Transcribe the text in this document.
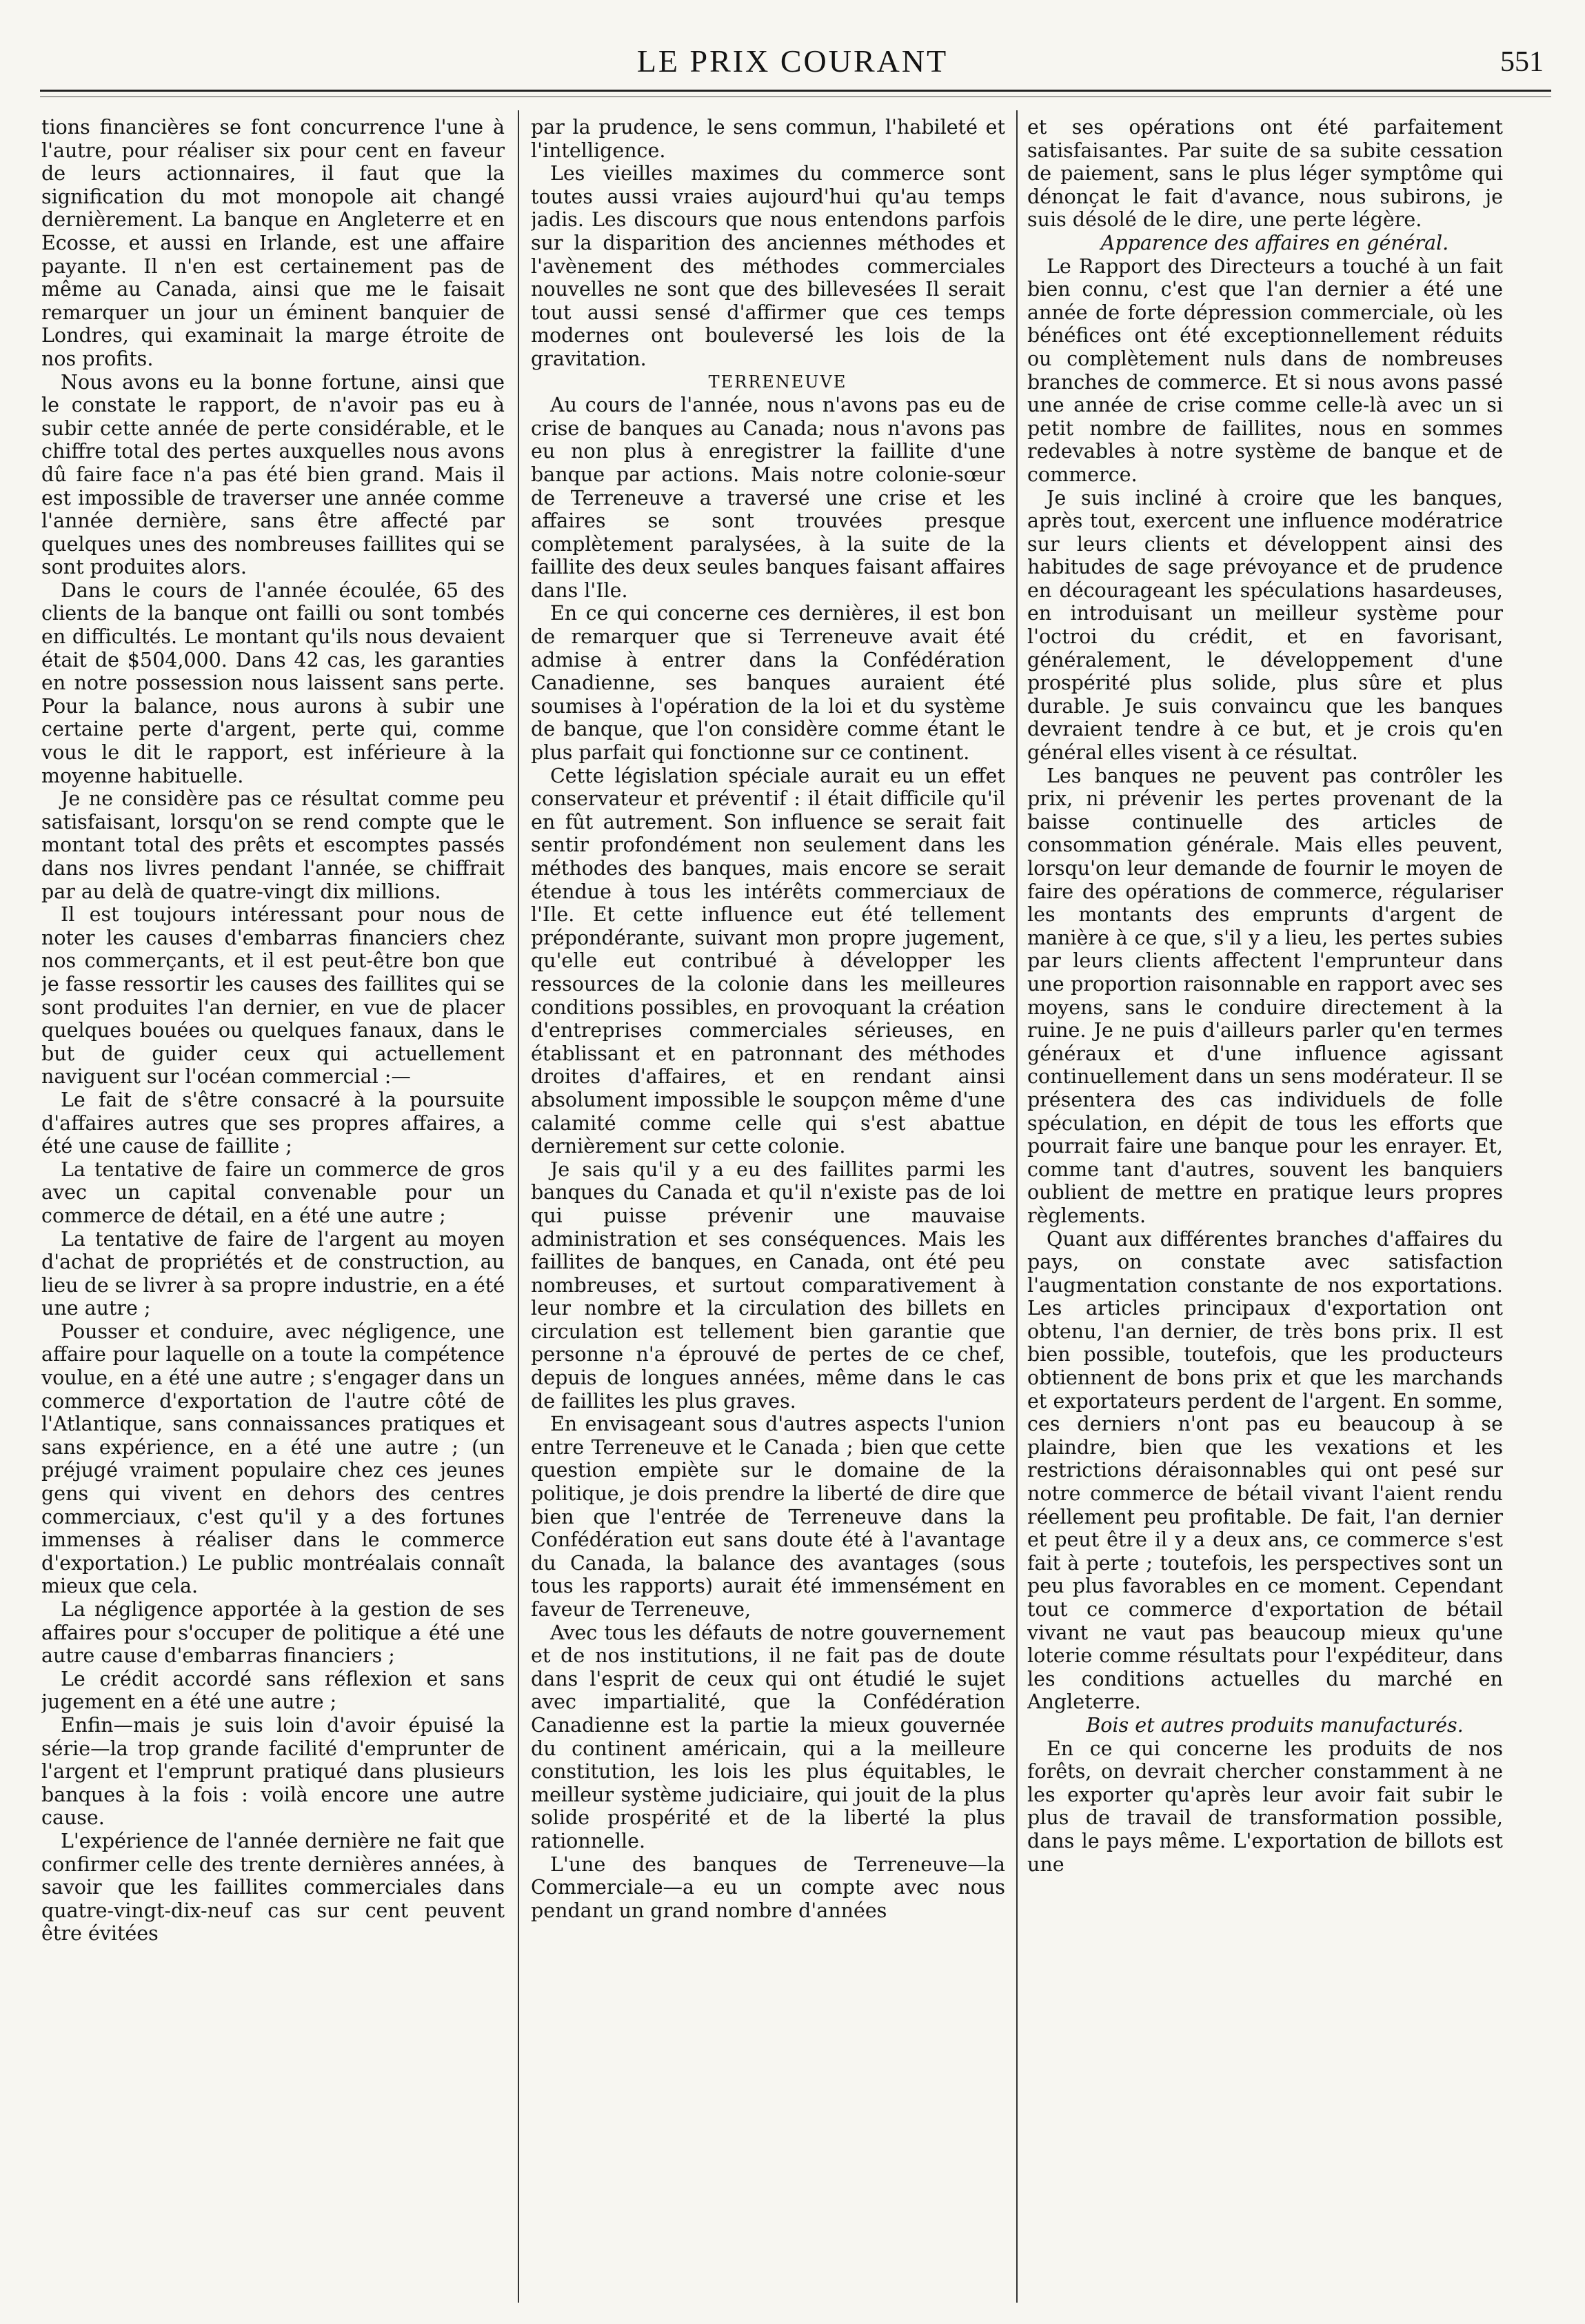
LE PRIX COURANT	551

tions financières se font concurrence l'une à l'autre, pour réaliser six pour cent en faveur de leurs actionnaires, il faut que la signification du mot monopole ait changé dernièrement. La banque en Angleterre et en Ecosse, et aussi en Irlande, est une affaire payante. Il n'en est certainement pas de même au Canada, ainsi que me le faisait remarquer un jour un éminent banquier de Londres, qui examinait la marge étroite de nos profits.

Nous avons eu la bonne fortune, ainsi que le constate le rapport, de n'avoir pas eu à subir cette année de perte considérable, et le chiffre total des pertes auxquelles nous avons dû faire face n'a pas été bien grand. Mais il est impossible de traverser une année comme l'année dernière, sans être affecté par quelques unes des nombreuses faillites qui se sont produites alors.

Dans le cours de l'année écoulée, 65 des clients de la banque ont failli ou sont tombés en difficultés. Le montant qu'ils nous devaient était de $504,000. Dans 42 cas, les garanties en notre possession nous laissent sans perte. Pour la balance, nous aurons à subir une certaine perte d'argent, perte qui, comme vous le dit le rapport, est inférieure à la moyenne habituelle.

Je ne considère pas ce résultat comme peu satisfaisant, lorsqu'on se rend compte que le montant total des prêts et escomptes passés dans nos livres pendant l'année, se chiffrait par au delà de quatre-vingt dix millions.

Il est toujours intéressant pour nous de noter les causes d'embarras financiers chez nos commerçants, et il est peut-être bon que je fasse ressortir les causes des faillites qui se sont produites l'an dernier, en vue de placer quelques bouées ou quelques fanaux, dans le but de guider ceux qui actuellement naviguent sur l'océan commercial :—

Le fait de s'être consacré à la poursuite d'affaires autres que ses propres affaires, a été une cause de faillite ;

La tentative de faire un commerce de gros avec un capital convenable pour un commerce de détail, en a été une autre ;

La tentative de faire de l'argent au moyen d'achat de propriétés et de construction, au lieu de se livrer à sa propre industrie, en a été une autre ;

Pousser et conduire, avec négligence, une affaire pour laquelle on a toute la compétence voulue, en a été une autre ; s'engager dans un commerce d'exportation de l'autre côté de l'Atlantique, sans connaissances pratiques et sans expérience, en a été une autre ; (un préjugé vraiment populaire chez ces jeunes gens qui vivent en dehors des centres commerciaux, c'est qu'il y a des fortunes immenses à réaliser dans le commerce d'exportation.) Le public montréalais connaît mieux que cela.

La négligence apportée à la gestion de ses affaires pour s'occuper de politique a été une autre cause d'embarras financiers ;

Le crédit accordé sans réflexion et sans jugement en a été une autre ;

Enfin—mais je suis loin d'avoir épuisé la série—la trop grande facilité d'emprunter de l'argent et l'emprunt pratiqué dans plusieurs banques à la fois : voilà encore une autre cause.

L'expérience de l'année dernière ne fait que confirmer celle des trente dernières années, à savoir que les faillites commerciales dans quatre-vingt-dix-neuf cas sur cent peuvent être évitées

par la prudence, le sens commun, l'habileté et l'intelligence.

Les vieilles maximes du commerce sont toutes aussi vraies aujourd'hui qu'au temps jadis. Les discours que nous entendons parfois sur la disparition des anciennes méthodes et l'avènement des méthodes commerciales nouvelles ne sont que des billevesées Il serait tout aussi sensé d'affirmer que ces temps modernes ont bouleversé les lois de la gravitation.

TERRENEUVE

Au cours de l'année, nous n'avons pas eu de crise de banques au Canada; nous n'avons pas eu non plus à enregistrer la faillite d'une banque par actions. Mais notre colonie-sœur de Terreneuve a traversé une crise et les affaires se sont trouvées presque complètement paralysées, à la suite de la faillite des deux seules banques faisant affaires dans l'Ile.

En ce qui concerne ces dernières, il est bon de remarquer que si Terreneuve avait été admise à entrer dans la Confédération Canadienne, ses banques auraient été soumises à l'opération de la loi et du système de banque, que l'on considère comme étant le plus parfait qui fonctionne sur ce continent.

Cette législation spéciale aurait eu un effet conservateur et préventif : il était difficile qu'il en fût autrement. Son influence se serait fait sentir profondément non seulement dans les méthodes des banques, mais encore se serait étendue à tous les intérêts commerciaux de l'Ile. Et cette influence eut été tellement prépondérante, suivant mon propre jugement, qu'elle eut contribué à développer les ressources de la colonie dans les meilleures conditions possibles, en provoquant la création d'entreprises commerciales sérieuses, en établissant et en patronnant des méthodes droites d'affaires, et en rendant ainsi absolument impossible le soupçon même d'une calamité comme celle qui s'est abattue dernièrement sur cette colonie.

Je sais qu'il y a eu des faillites parmi les banques du Canada et qu'il n'existe pas de loi qui puisse prévenir une mauvaise administration et ses conséquences. Mais les faillites de banques, en Canada, ont été peu nombreuses, et surtout comparativement à leur nombre et la circulation des billets en circulation est tellement bien garantie que personne n'a éprouvé de pertes de ce chef, depuis de longues années, même dans le cas de faillites les plus graves.

En envisageant sous d'autres aspects l'union entre Terreneuve et le Canada ; bien que cette question empiète sur le domaine de la politique, je dois prendre la liberté de dire que bien que l'entrée de Terreneuve dans la Confédération eut sans doute été à l'avantage du Canada, la balance des avantages (sous tous les rapports) aurait été immensément en faveur de Terreneuve,

Avec tous les défauts de notre gouvernement et de nos institutions, il ne fait pas de doute dans l'esprit de ceux qui ont étudié le sujet avec impartialité, que la Confédération Canadienne est la partie la mieux gouvernée du continent américain, qui a la meilleure constitution, les lois les plus équitables, le meilleur système judiciaire, qui jouit de la plus solide prospérité et de la liberté la plus rationnelle.

L'une des banques de Terreneuve—la Commerciale—a eu un compte avec nous pendant un grand nombre d'années

et ses opérations ont été parfaitement satisfaisantes. Par suite de sa subite cessation de paiement, sans le plus léger symptôme qui dénonçat le fait d'avance, nous subirons, je suis désolé de le dire, une perte légère.

Apparence des affaires en général.

Le Rapport des Directeurs a touché à un fait bien connu, c'est que l'an dernier a été une année de forte dépression commerciale, où les bénéfices ont été exceptionnellement réduits ou complètement nuls dans de nombreuses branches de commerce. Et si nous avons passé une année de crise comme celle-là avec un si petit nombre de faillites, nous en sommes redevables à notre système de banque et de commerce.

Je suis incliné à croire que les banques, après tout, exercent une influence modératrice sur leurs clients et développent ainsi des habitudes de sage prévoyance et de prudence en décourageant les spéculations hasardeuses, en introduisant un meilleur système pour l'octroi du crédit, et en favorisant, généralement, le développement d'une prospérité plus solide, plus sûre et plus durable. Je suis convaincu que les banques devraient tendre à ce but, et je crois qu'en général elles visent à ce résultat.

Les banques ne peuvent pas contrôler les prix, ni prévenir les pertes provenant de la baisse continuelle des articles de consommation générale. Mais elles peuvent, lorsqu'on leur demande de fournir le moyen de faire des opérations de commerce, régulariser les montants des emprunts d'argent de manière à ce que, s'il y a lieu, les pertes subies par leurs clients affectent l'emprunteur dans une proportion raisonnable en rapport avec ses moyens, sans le conduire directement à la ruine. Je ne puis d'ailleurs parler qu'en termes généraux et d'une influence agissant continuellement dans un sens modérateur. Il se présentera des cas individuels de folle spéculation, en dépit de tous les efforts que pourrait faire une banque pour les enrayer. Et, comme tant d'autres, souvent les banquiers oublient de mettre en pratique leurs propres règlements.

Quant aux différentes branches d'affaires du pays, on constate avec satisfaction l'augmentation constante de nos exportations. Les articles principaux d'exportation ont obtenu, l'an dernier, de très bons prix. Il est bien possible, toutefois, que les producteurs obtiennent de bons prix et que les marchands et exportateurs perdent de l'argent. En somme, ces derniers n'ont pas eu beaucoup à se plaindre, bien que les vexations et les restrictions déraisonnables qui ont pesé sur notre commerce de bétail vivant l'aient rendu réellement peu profitable. De fait, l'an dernier et peut être il y a deux ans, ce commerce s'est fait à perte ; toutefois, les perspectives sont un peu plus favorables en ce moment. Cependant tout ce commerce d'exportation de bétail vivant ne vaut pas beaucoup mieux qu'une loterie comme résultats pour l'expéditeur, dans les conditions actuelles du marché en Angleterre.

Bois et autres produits manufacturés.

En ce qui concerne les produits de nos forêts, on devrait chercher constamment à ne les exporter qu'après leur avoir fait subir le plus de travail de transformation possible, dans le pays même. L'exportation de billots est une
